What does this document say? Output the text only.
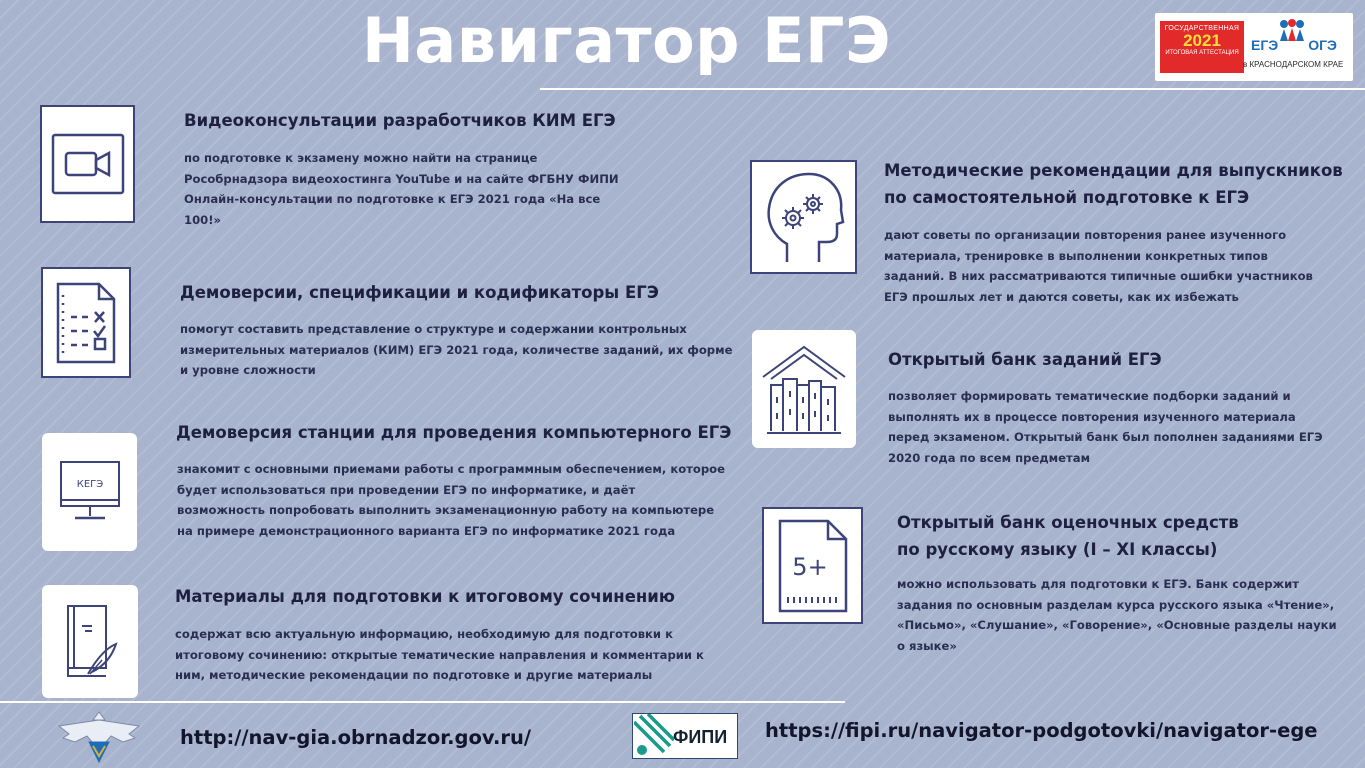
Навигатор ЕГЭ	ГОСУДАРСТВЕННАЯ
2021
ИТОГОВАЯ АТТЕСТАЦИЯ ЕГЭ ОГЭ
в КРАСНОДАРСКОМ КРАЕ
Видеоконсультации разработчиков КИМ ЕГЭ
по подготовке к экзамену можно найти на странице
Рособрнадзора видеохостинга YouTube и на сайте ФГБНУ ФИПИ
Онлайн-консультации по подготовке к ЕГЭ 2021 года «На все
100!»
Демоверсии, спецификации и кодификаторы ЕГЭ
помогут составить представление о структуре и содержании контрольных
измерительных материалов (КИМ) ЕГЭ 2021 года, количестве заданий, их форме
и уровне сложности
КЕГЭ
Демоверсия станции для проведения компьютерного ЕГЭ
знакомит с основными приемами работы с программным обеспечением, которое
будет использоваться при проведении ЕГЭ по информатике, и даёт
возможность попробовать выполнить экзаменационную работу на компьютере
на примере демонстрационного варианта ЕГЭ по информатике 2021 года
Материалы для подготовки к итоговому сочинению
содержат всю актуальную информацию, необходимую для подготовки к
итоговому сочинению: открытые тематические направления и комментарии к
ним, методические рекомендации по подготовке и другие материалы
Методические рекомендации для выпускников
по самостоятельной подготовке к ЕГЭ
дают советы по организации повторения ранее изученного
материала, тренировке в выполнении конкретных типов
заданий. В них рассматриваются типичные ошибки участников
ЕГЭ прошлых лет и даются советы, как их избежать
Открытый банк заданий ЕГЭ
позволяет формировать тематические подборки заданий и
выполнять их в процессе повторения изученного материала
перед экзаменом. Открытый банк был пополнен заданиями ЕГЭ
2020 года по всем предметам
5+
Открытый банк оценочных средств
по русскому языку (I – XI классы)
можно использовать для подготовки к ЕГЭ. Банк содержит
задания по основным разделам курса русского языка «Чтение»,
«Письмо», «Слушание», «Говорение», «Основные разделы науки
о языке»
http://nav-gia.obrnadzor.gov.ru/	ФИПИ https://fipi.ru/navigator-podgotovki/navigator-ege
